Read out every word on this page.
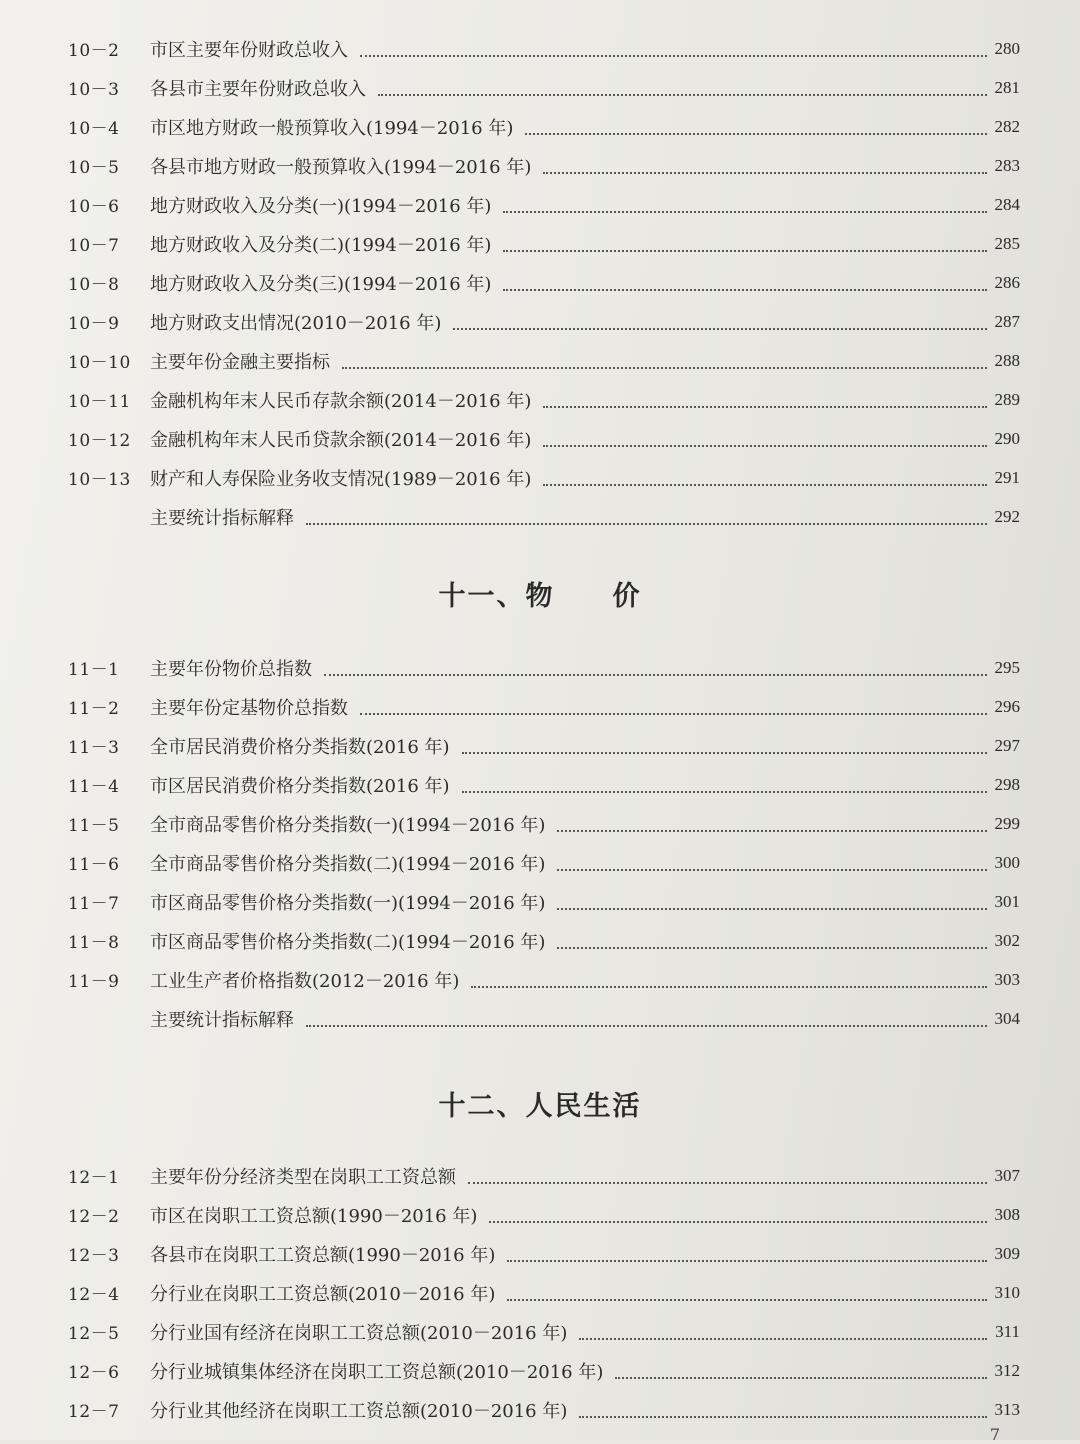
10－2	市区主要年份财政总收入	280
10－3	各县市主要年份财政总收入	281
10－4	市区地方财政一般预算收入(1994－2016 年)	282
10－5	各县市地方财政一般预算收入(1994－2016 年)	283
10－6	地方财政收入及分类(一)(1994－2016 年)	284
10－7	地方财政收入及分类(二)(1994－2016 年)	285
10－8	地方财政收入及分类(三)(1994－2016 年)	286
10－9	地方财政支出情况(2010－2016 年)	287
10－10	主要年份金融主要指标	288
10－11	金融机构年末人民币存款余额(2014－2016 年)	289
10－12	金融机构年末人民币贷款余额(2014－2016 年)	290
10－13	财产和人寿保险业务收支情况(1989－2016 年)	291
主要统计指标解释	292
十一、物　　价
11－1	主要年份物价总指数	295
11－2	主要年份定基物价总指数	296
11－3	全市居民消费价格分类指数(2016 年)	297
11－4	市区居民消费价格分类指数(2016 年)	298
11－5	全市商品零售价格分类指数(一)(1994－2016 年)	299
11－6	全市商品零售价格分类指数(二)(1994－2016 年)	300
11－7	市区商品零售价格分类指数(一)(1994－2016 年)	301
11－8	市区商品零售价格分类指数(二)(1994－2016 年)	302
11－9	工业生产者价格指数(2012－2016 年)	303
主要统计指标解释	304
十二、人民生活
12－1	主要年份分经济类型在岗职工工资总额	307
12－2	市区在岗职工工资总额(1990－2016 年)	308
12－3	各县市在岗职工工资总额(1990－2016 年)	309
12－4	分行业在岗职工工资总额(2010－2016 年)	310
12－5	分行业国有经济在岗职工工资总额(2010－2016 年)	311
12－6	分行业城镇集体经济在岗职工工资总额(2010－2016 年)	312
12－7	分行业其他经济在岗职工工资总额(2010－2016 年)	313
7
